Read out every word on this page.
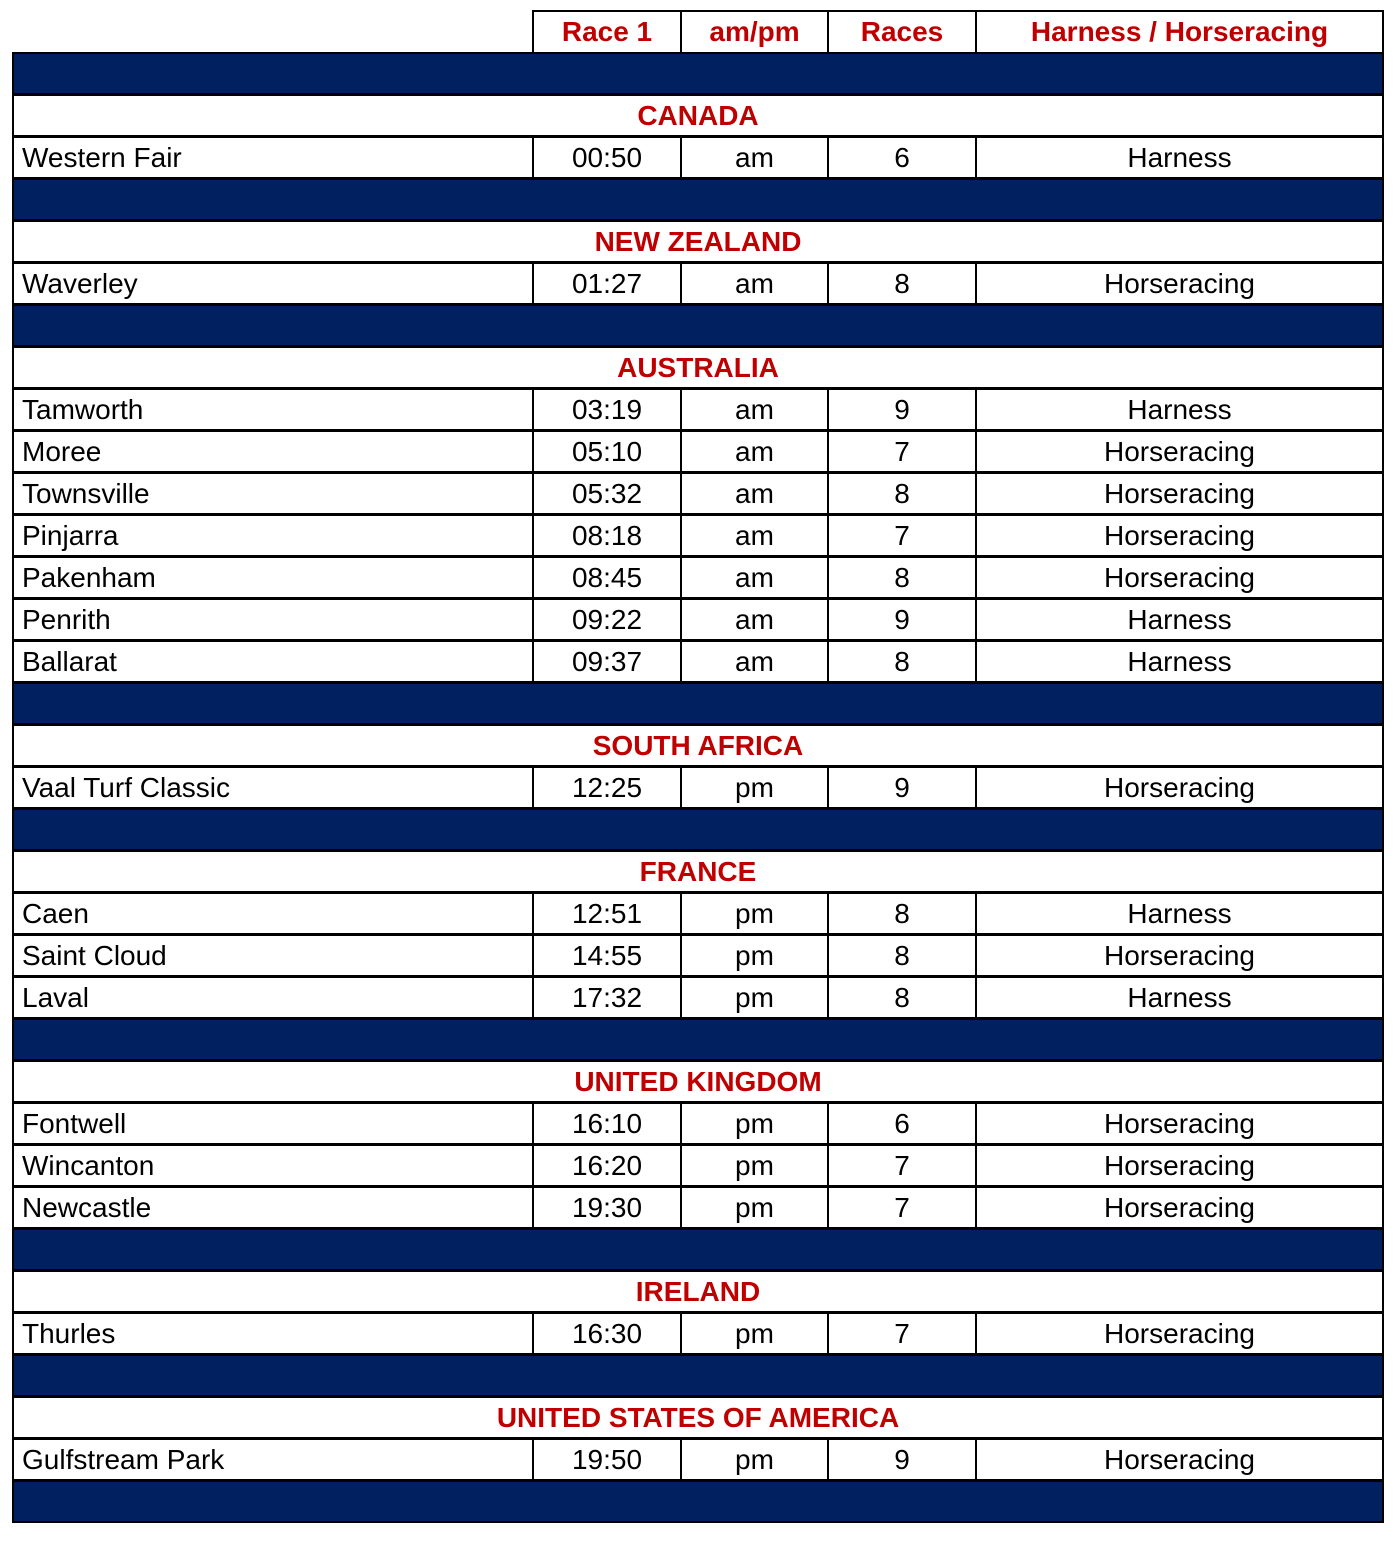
Race 1	am/pm	Races	Harness / Horseracing
CANADA
Western Fair	00:50	am	6	Harness
NEW ZEALAND
Waverley	01:27	am	8	Horseracing
AUSTRALIA
Tamworth	03:19	am	9	Harness
Moree	05:10	am	7	Horseracing
Townsville	05:32	am	8	Horseracing
Pinjarra	08:18	am	7	Horseracing
Pakenham	08:45	am	8	Horseracing
Penrith	09:22	am	9	Harness
Ballarat	09:37	am	8	Harness
SOUTH AFRICA
Vaal Turf Classic	12:25	pm	9	Horseracing
FRANCE
Caen	12:51	pm	8	Harness
Saint Cloud	14:55	pm	8	Horseracing
Laval	17:32	pm	8	Harness
UNITED KINGDOM
Fontwell	16:10	pm	6	Horseracing
Wincanton	16:20	pm	7	Horseracing
Newcastle	19:30	pm	7	Horseracing
IRELAND
Thurles	16:30	pm	7	Horseracing
UNITED STATES OF AMERICA
Gulfstream Park	19:50	pm	9	Horseracing
